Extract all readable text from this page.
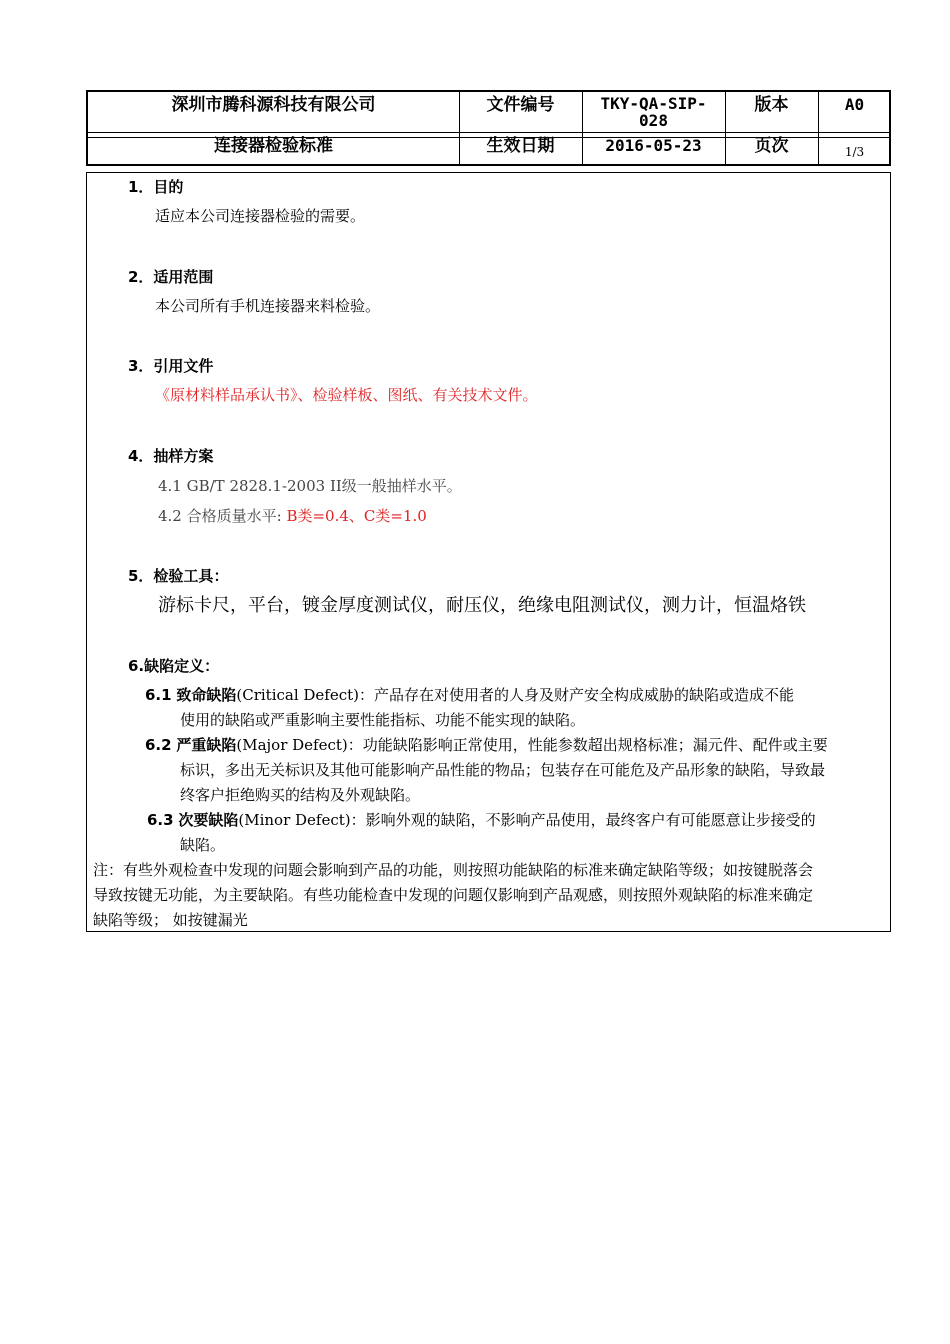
深圳市腾科源科技有限公司
连接器检验标准
文件编号
生效日期
TKY-QA-SIP-
028
2016-05-23
版本
页次
A0
1/3
1．目的
适应本公司连接器检验的需要。
2．适用范围
本公司所有手机连接器来料检验。
3．引用文件
《原材料样品承认书》、检验样板、图纸、有关技术文件。
4．抽样方案
4.1 GB/T 2828.1-2003 II级一般抽样水平。
4.2 合格质量水平: B类=0.4、C类=1.0
5．检验工具：
游标卡尺，平台，镀金厚度测试仪，耐压仪，绝缘电阻测试仪，测力计，恒温烙铁
6.缺陷定义：
6.1 致命缺陷(Critical Defect)：产品存在对使用者的人身及财产安全构成威胁的缺陷或造成不能
使用的缺陷或严重影响主要性能指标、功能不能实现的缺陷。
6.2 严重缺陷(Major Defect)：功能缺陷影响正常使用，性能参数超出规格标准；漏元件、配件或主要
标识，多出无关标识及其他可能影响产品性能的物品；包装存在可能危及产品形象的缺陷，导致最
终客户拒绝购买的结构及外观缺陷。
6.3 次要缺陷(Minor Defect)：影响外观的缺陷，不影响产品使用，最终客户有可能愿意让步接受的
缺陷。
注：有些外观检查中发现的问题会影响到产品的功能，则按照功能缺陷的标准来确定缺陷等级；如按键脱落会
导致按键无功能，为主要缺陷。有些功能检查中发现的问题仅影响到产品观感，则按照外观缺陷的标准来确定
缺陷等级； 如按键漏光
